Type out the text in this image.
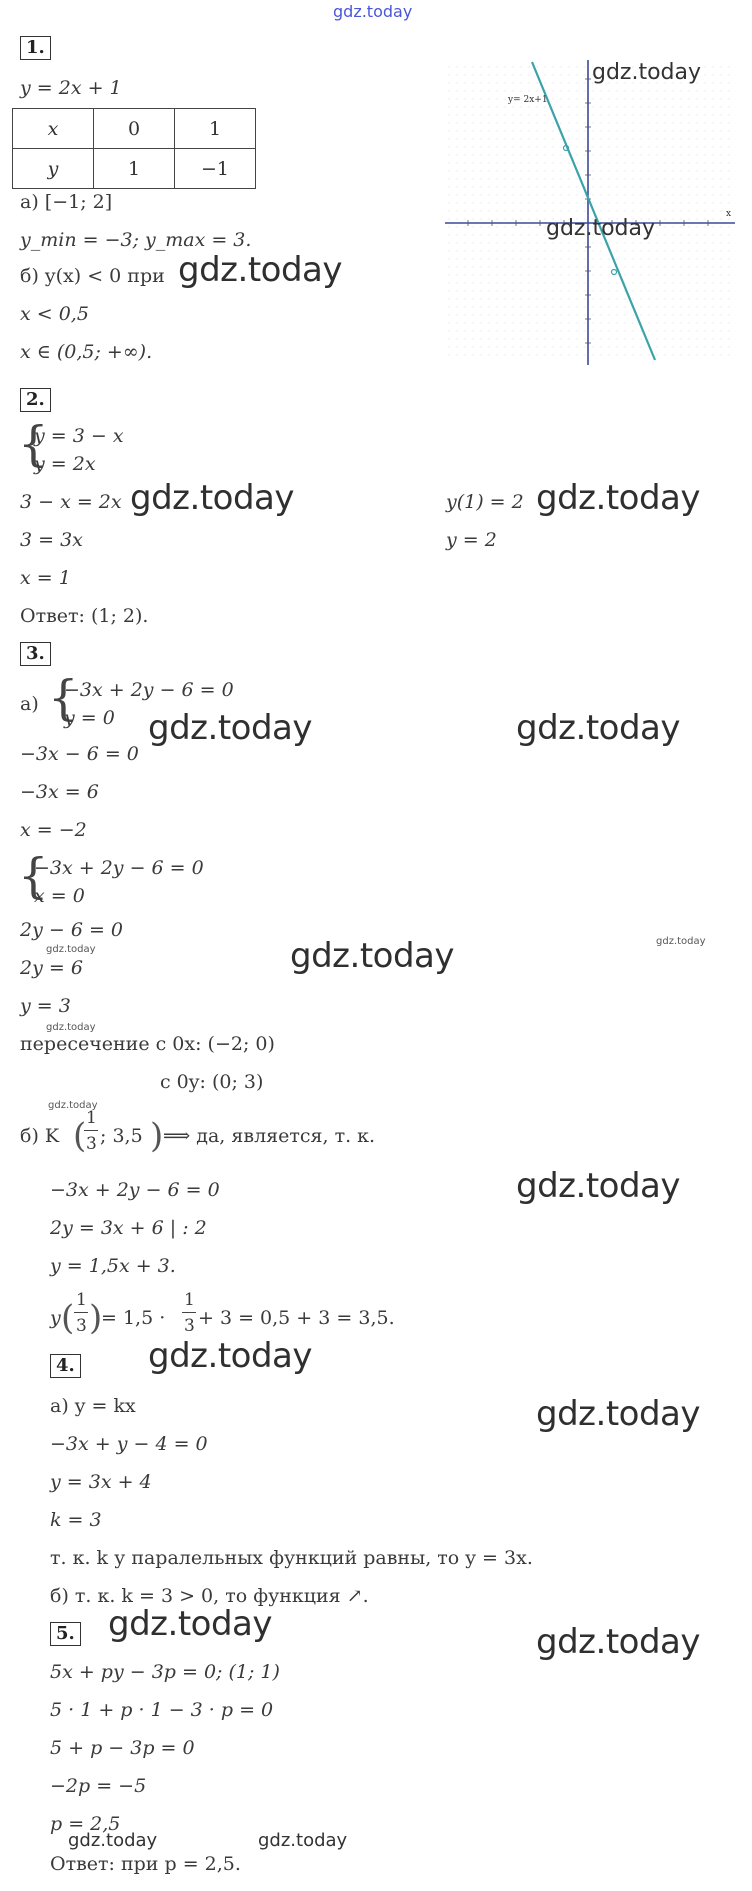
gdz.today
1.
y = 2x + 1
x	0	1
y	1	−1
а) [−1; 2]
y_min = −3; y_max = 3.
б) y(x) < 0 при
x < 0,5
x ∈ (0,5; +∞).
y= 2x+1
x
2.
{
y = 3 − x
y = 2x
3 − x = 2x
3 = 3x
x = 1
Ответ: (1; 2).
y(1) = 2
y = 2
3.
а) {
−3x + 2y − 6 = 0
y = 0
−3x − 6 = 0
−3x = 6
x = −2
{
−3x + 2y − 6 = 0
x = 0
2y − 6 = 0
2y = 6
y = 3
пересечение с 0x: (−2; 0)
с 0y: (0; 3)
б) K ( 1
3 ; 3,5 ) ⟹ да, является, т. к.
−3x + 2y − 6 = 0
2y = 3x + 6 | : 2
y = 1,5x + 3.
y ( 1
3 )
= 1,5 ·
1
3 + 3 = 0,5 + 3 = 3,5.
4.
а) y = kx
−3x + y − 4 = 0
y = 3x + 4
k = 3
т. к. k у паралельных функций равны, то y = 3x.
б) т. к. k = 3 > 0, то функция ↗.
5.
5x + py − 3p = 0; (1; 1)
5 · 1 + p · 1 − 3 · p = 0
5 + p − 3p = 0
−2p = −5
p = 2,5
Ответ: при p = 2,5.
gdz.today
gdz.today	gdz.today
gdz.today	gdz.today
gdz.today
gdz.today
gdz.today
gdz.today
gdz.today	gdz.today
gdz.today
gdz.today
gdz.today
gdz.today
gdz.today
gdz.today
gdz.today	gdz.today
